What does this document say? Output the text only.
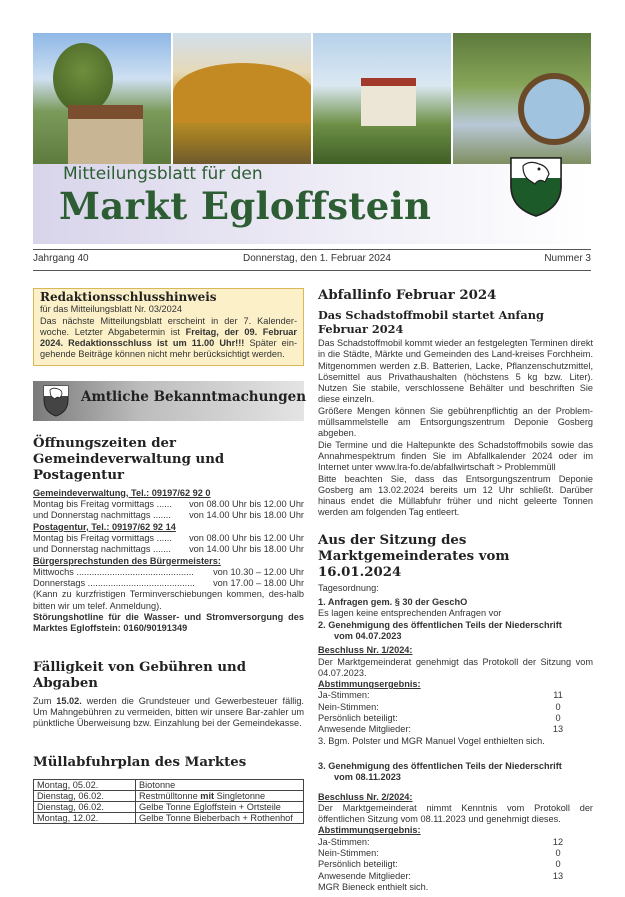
Mitteilungsblatt für den
Markt Egloffstein
Jahrgang 40	Donnerstag, den 1. Februar 2024	Nummer 3
Redaktionsschlusshinweis

für das Mitteilungsblatt Nr. 03/2024

Das nächste Mitteilungsblatt erscheint in der 7. Kalender-woche. Letzter Abgabetermin ist Freitag, der 09. Februar 2024. Redaktionsschluss ist um 11.00 Uhr!!! Später ein-gehende Beiträge können nicht mehr berücksichtigt werden.

Amtliche Bekanntmachungen
Öffnungszeiten der Gemeindeverwaltung und Postagentur

Gemeindeverwaltung, Tel.: 09197/62 92 0

Montag bis Freitag vormittags ...... von 08.00 Uhr bis 12.00 Uhr
und Donnerstag nachmittags ....... von 14.00 Uhr bis 18.00 Uhr

Postagentur, Tel.: 09197/62 92 14

Montag bis Freitag vormittags ...... von 08.00 Uhr bis 12.00 Uhr
und Donnerstag nachmittags ....... von 14.00 Uhr bis 18.00 Uhr

Bürgersprechstunden des Bürgermeisters:

Mittwochs .............................................. von 10.30 – 12.00 Uhr
Donnerstags .......................................... von 17.00 – 18.00 Uhr

(Kann zu kurzfristigen Terminverschiebungen kommen, des-halb bitten wir um telef. Anmeldung).

Störungshotline für die Wasser- und Stromversorgung des Marktes Egloffstein: 0160/90191349

Fälligkeit von Gebühren und Abgaben

Zum 15.02. werden die Grundsteuer und Gewerbesteuer fällig. Um Mahngebühren zu vermeiden, bitten wir unsere Bar-zahler um pünktliche Überweisung bzw. Einzahlung bei der Gemeindekasse.

Müllabfuhrplan des Marktes
Montag, 05.02.	Biotonne
Dienstag, 06.02.	Restmülltonne mit Singletonne
Dienstag, 06.02.	Gelbe Tonne Egloffstein + Ortsteile
Montag, 12.02.	Gelbe Tonne Bieberbach + Rothenhof
Abfallinfo Februar 2024
Das Schadstoffmobil startet Anfang Februar 2024

Das Schadstoffmobil kommt wieder an festgelegten Terminen direkt in die Städte, Märkte und Gemeinden des Land-kreises Forchheim. Mitgenommen werden z.B. Batterien, Lacke, Pflanzenschutzmittel, Lösemittel aus Privathaushalten (höchstens 5 kg bzw. Liter). Nutzen Sie stabile, verschlossene Behälter und beschriften Sie diese einzeln.

Größere Mengen können Sie gebührenpflichtig an der Problem-müllsammelstelle am Entsorgungszentrum Deponie Gosberg abgeben.

Die Termine und die Haltepunkte des Schadstoffmobils sowie das Annahmespektrum finden Sie im Abfallkalender 2024 oder im Internet unter www.lra-fo.de/abfallwirtschaft > Problemmüll

Bitte beachten Sie, dass das Entsorgungszentrum Deponie Gosberg am 13.02.2024 bereits um 12 Uhr schließt. Darüber hinaus endet die Müllabfuhr früher und nicht geleerte Tonnen werden am folgenden Tag entleert.

Aus der Sitzung des Marktgemeinderates vom 16.01.2024

Tagesordnung:

1. Anfragen gem. § 30 der GeschO

Es lagen keine entsprechenden Anfragen vor

2. Genehmigung des öffentlichen Teils der Niederschrift

vom 04.07.2023

Beschluss Nr. 1/2024:

Der Marktgemeinderat genehmigt das Protokoll der Sitzung vom 04.07.2023.

Abstimmungsergebnis:

Ja-Stimmen:	11
Nein-Stimmen:	0
Persönlich beteiligt:	0
Anwesende Mitglieder:	13

3. Bgm. Polster und MGR Manuel Vogel enthielten sich.

3. Genehmigung des öffentlichen Teils der Niederschrift

vom 08.11.2023

Beschluss Nr. 2/2024:

Der Marktgemeinderat nimmt Kenntnis vom Protokoll der öffentlichen Sitzung vom 08.11.2023 und genehmigt dieses.

Abstimmungsergebnis:

Ja-Stimmen:	12
Nein-Stimmen:	0
Persönlich beteiligt:	0
Anwesende Mitglieder:	13

MGR Bieneck enthielt sich.
